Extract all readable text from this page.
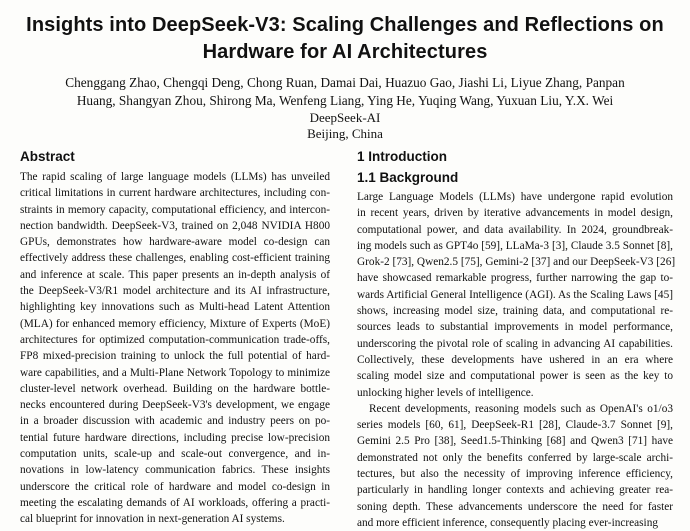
Insights into DeepSeek-V3: Scaling Challenges and Reflections on
Hardware for AI Architectures
Chenggang Zhao, Chengqi Deng, Chong Ruan, Damai Dai, Huazuo Gao, Jiashi Li, Liyue Zhang, Panpan
Huang, Shangyan Zhou, Shirong Ma, Wenfeng Liang, Ying He, Yuqing Wang, Yuxuan Liu, Y.X. Wei
DeepSeek-AI
Beijing, China
Abstract
The rapid scaling of large language models (LLMs) has unveiled
critical limitations in current hardware architectures, including con-
straints in memory capacity, computational efficiency, and intercon-
nection bandwidth. DeepSeek-V3, trained on 2,048 NVIDIA H800
GPUs, demonstrates how hardware-aware model co-design can
effectively address these challenges, enabling cost-efficient training
and inference at scale. This paper presents an in-depth analysis of
the DeepSeek-V3/R1 model architecture and its AI infrastructure,
highlighting key innovations such as Multi-head Latent Attention
(MLA) for enhanced memory efficiency, Mixture of Experts (MoE)
architectures for optimized computation-communication trade-offs,
FP8 mixed-precision training to unlock the full potential of hard-
ware capabilities, and a Multi-Plane Network Topology to minimize
cluster-level network overhead. Building on the hardware bottle-
necks encountered during DeepSeek-V3's development, we engage
in a broader discussion with academic and industry peers on po-
tential future hardware directions, including precise low-precision
computation units, scale-up and scale-out convergence, and in-
novations in low-latency communication fabrics. These insights
underscore the critical role of hardware and model co-design in
meeting the escalating demands of AI workloads, offering a practi-
cal blueprint for innovation in next-generation AI systems.
1 Introduction
1.1 Background
Large Language Models (LLMs) have undergone rapid evolution
in recent years, driven by iterative advancements in model design,
computational power, and data availability. In 2024, groundbreak-
ing models such as GPT4o [59], LLaMa-3 [3], Claude 3.5 Sonnet [8],
Grok-2 [73], Qwen2.5 [75], Gemini-2 [37] and our DeepSeek-V3 [26]
have showcased remarkable progress, further narrowing the gap to-
wards Artificial General Intelligence (AGI). As the Scaling Laws [45]
shows, increasing model size, training data, and computational re-
sources leads to substantial improvements in model performance,
underscoring the pivotal role of scaling in advancing AI capabilities.
Collectively, these developments have ushered in an era where
scaling model size and computational power is seen as the key to
unlocking higher levels of intelligence.
Recent developments, reasoning models such as OpenAI's o1/o3
series models [60, 61], DeepSeek-R1 [28], Claude-3.7 Sonnet [9],
Gemini 2.5 Pro [38], Seed1.5-Thinking [68] and Qwen3 [71] have
demonstrated not only the benefits conferred by large-scale archi-
tectures, but also the necessity of improving inference efficiency,
particularly in handling longer contexts and achieving greater rea-
soning depth. These advancements underscore the need for faster
and more efficient inference, consequently placing ever-increasing
